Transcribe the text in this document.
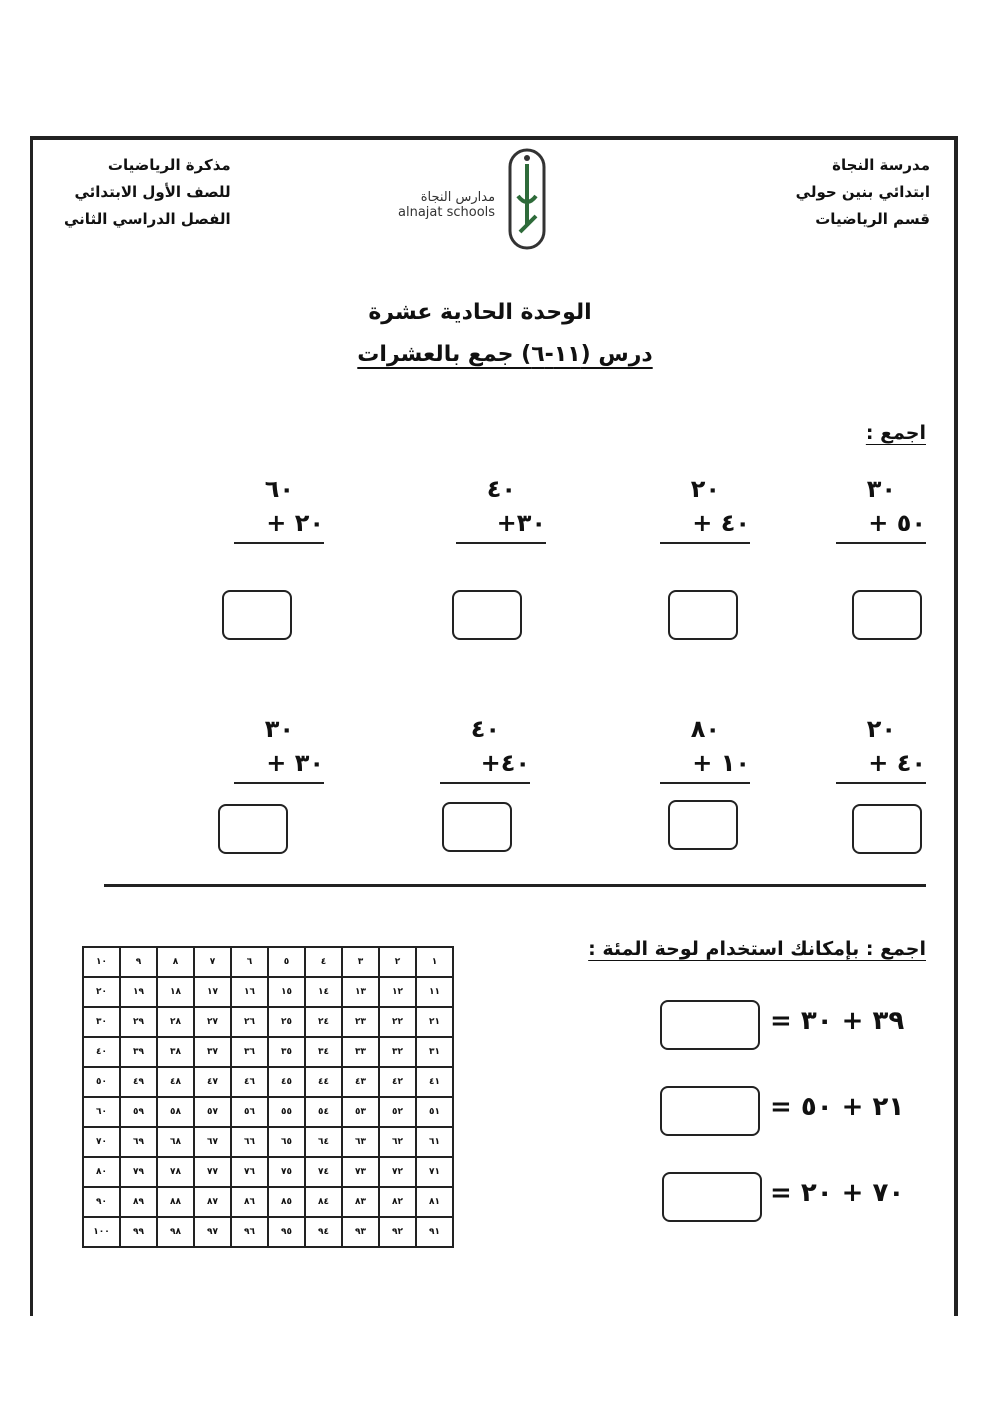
مدرسة النجاة
ابتدائي بنين حولي
قسم الرياضيات
مذكرة الرياضيات
للصف الأول الابتدائي
الفصل الدراسي الثاني
مدارس النجاة
alnajat schools
الوحدة الحادية عشرة
درس (١١-٦) جمع بالعشرات
اجمع :
٣٠
٥٠ +
٢٠
٤٠ +
٤٠
٣٠+
٦٠
٢٠ +
٢٠
٤٠ +
٨٠
١٠ +
٤٠
٤٠+
٣٠
٣٠ +
اجمع : بإمكانك استخدام لوحة المئة :
١	٢	٣	٤	٥	٦	٧	٨	٩	١٠
١١	١٢	١٣	١٤	١٥	١٦	١٧	١٨	١٩	٢٠
٢١	٢٢	٢٣	٢٤	٢٥	٢٦	٢٧	٢٨	٢٩	٣٠
٣١	٣٢	٣٣	٣٤	٣٥	٣٦	٣٧	٣٨	٣٩	٤٠
٤١	٤٢	٤٣	٤٤	٤٥	٤٦	٤٧	٤٨	٤٩	٥٠
٥١	٥٢	٥٣	٥٤	٥٥	٥٦	٥٧	٥٨	٥٩	٦٠
٦١	٦٢	٦٣	٦٤	٦٥	٦٦	٦٧	٦٨	٦٩	٧٠
٧١	٧٢	٧٣	٧٤	٧٥	٧٦	٧٧	٧٨	٧٩	٨٠
٨١	٨٢	٨٣	٨٤	٨٥	٨٦	٨٧	٨٨	٨٩	٩٠
٩١	٩٢	٩٣	٩٤	٩٥	٩٦	٩٧	٩٨	٩٩	١٠٠
٣٩ + ٣٠ =
٢١ + ٥٠ =
٧٠ + ٢٠ =
